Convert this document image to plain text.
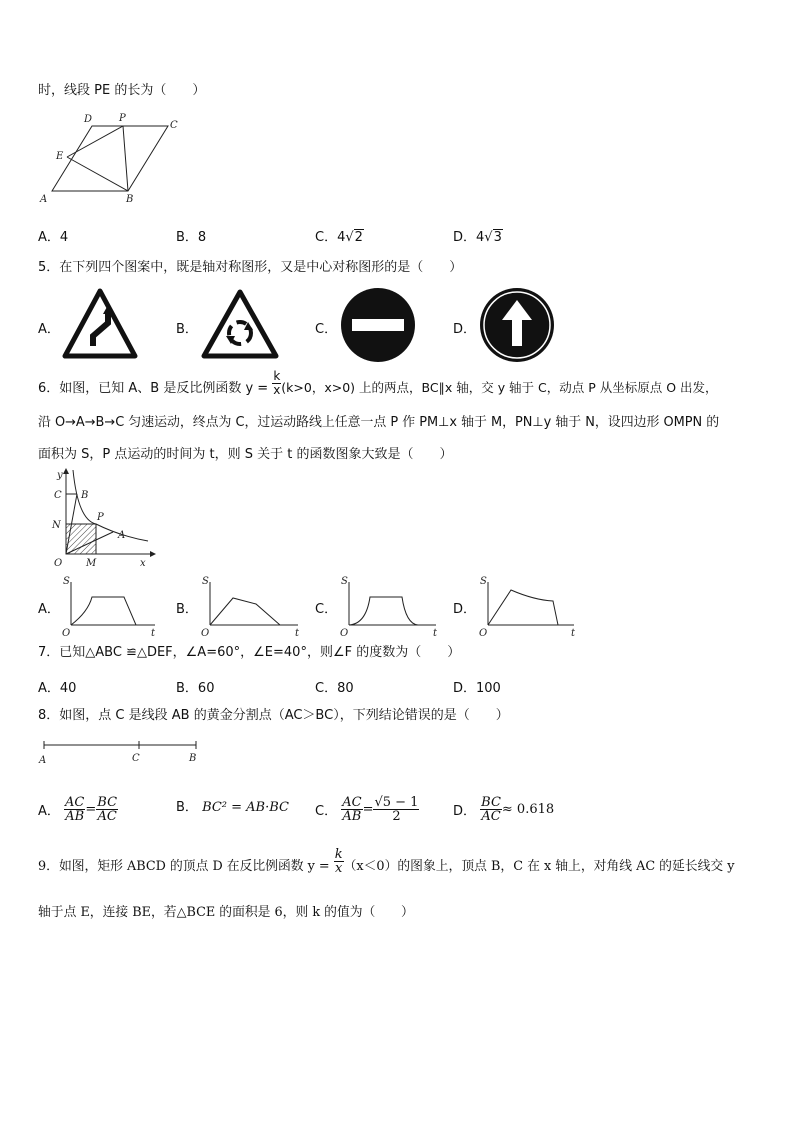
时，线段 PE 的长为（　　）
D	P
C
E
A	B
A．4	B．8	C．4√2	D．4√3
5．在下列四个图案中，既是轴对称图形，又是中心对称图形的是（　　）
A．	B．	C．	D．
6．如图，已知 A、B 是反比例函数 $y = \frac{k}{x} (k>0$，x>0) 上的两点，BC∥x 轴，交 y 轴于 C，动点 P 从坐标原点 O 出发，
沿 O→A→B→C 匀速运动，终点为 C，过运动路线上任意一点 P 作 PM⊥x 轴于 M，PN⊥y 轴于 N，设四边形 OMPN 的
面积为 S，P 点运动的时间为 t，则 S 关于 t 的函数图象大致是（　　）
y
C B
N
P
A
O M	x
A．	B．	C．	D．
S
O	t
S
O	t
S
O	t
S
O	t
7．已知△ABC ≌△DEF，∠A=60°，∠E=40°，则∠F 的度数为（　　）
A．40	B．60	C．80	D．100
8．如图，点 C 是线段 AB 的黄金分割点（AC＞BC），下列结论错误的是（　　）
A	C	B
A． $\frac{AC}{AB} = \frac{BC}{AC}$	B． BC² = AB·BC C． $\frac{AC}{AB} = \frac{√5 - 1}{2}$	D． $\frac{BC}{AC} \approx 0.618$
9．如图，矩形 ABCD 的顶点 D 在反比例函数 $y = \frac{k}{x} (x<0)$的图象上，顶点 B，C 在 x 轴上，对角线 AC 的延长线交 y
轴于点 E，连接 BE，若△BCE 的面积是 6，则 k 的值为（　　）
